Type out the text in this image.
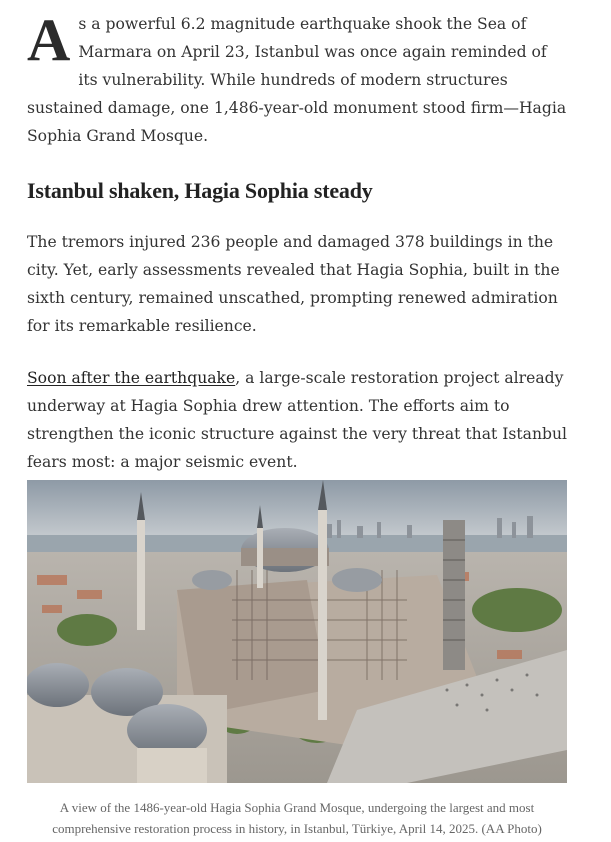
As a powerful 6.2 magnitude earthquake shook the Sea of Marmara on April 23, Istanbul was once again reminded of its vulnerability. While hundreds of modern structures sustained damage, one 1,486-year-old monument stood firm—Hagia Sophia Grand Mosque.

Istanbul shaken, Hagia Sophia steady

The tremors injured 236 people and damaged 378 buildings in the city. Yet, early assessments revealed that Hagia Sophia, built in the sixth century, remained unscathed, prompting renewed admiration for its remarkable resilience.

Soon after the earthquake, a large-scale restoration project already underway at Hagia Sophia drew attention. The efforts aim to strengthen the iconic structure against the very threat that Istanbul fears most: a major seismic event.

A view of the 1486-year-old Hagia Sophia Grand Mosque, undergoing the largest and most comprehensive restoration process in history, in Istanbul, Türkiye, April 14, 2025. (AA Photo)
